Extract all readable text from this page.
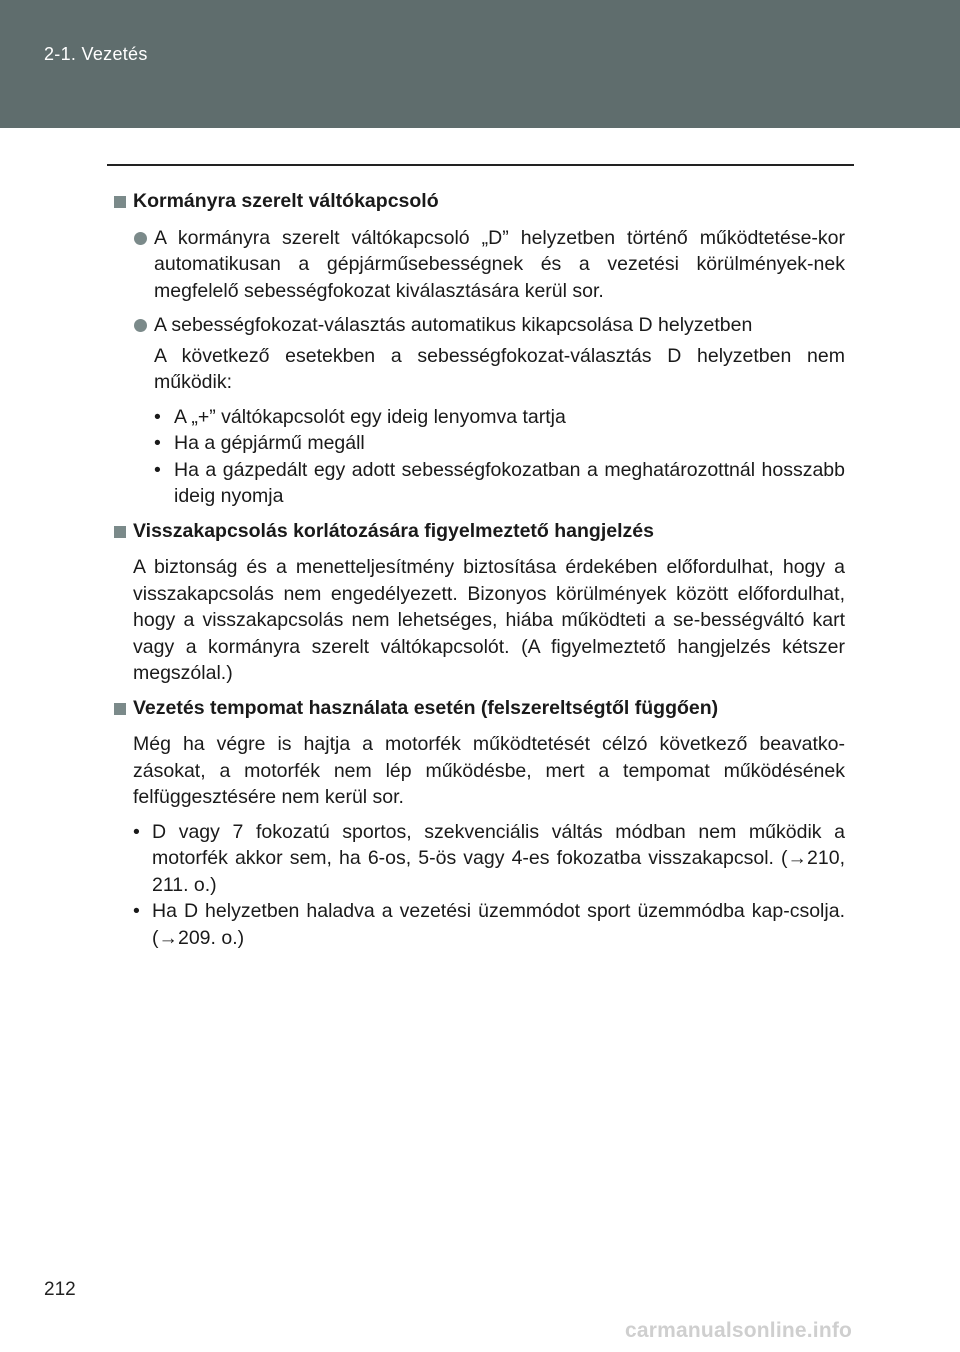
2-1. Vezetés
Kormányra szerelt váltókapcsoló
A kormányra szerelt váltókapcsoló „D” helyzetben történő működtetése-kor automatikusan a gépjárműsebességnek és a vezetési körülmények-nek megfelelő sebességfokozat kiválasztására kerül sor.
A sebességfokozat-választás automatikus kikapcsolása D helyzetben
A következő esetekben a sebességfokozat-választás D helyzetben nem működik:
• A „+” váltókapcsolót egy ideig lenyomva tartja
• Ha a gépjármű megáll
• Ha a gázpedált egy adott sebességfokozatban a meghatározottnál hosszabb ideig nyomja
Visszakapcsolás korlátozására figyelmeztető hangjelzés
A biztonság és a menetteljesítmény biztosítása érdekében előfordulhat, hogy a visszakapcsolás nem engedélyezett. Bizonyos körülmények között előfordulhat, hogy a visszakapcsolás nem lehetséges, hiába működteti a se-bességváltó kart vagy a kormányra szerelt váltókapcsolót. (A figyelmeztető hangjelzés kétszer megszólal.)
Vezetés tempomat használata esetén (felszereltségtől függően)
Még ha végre is hajtja a motorfék működtetését célzó következő beavatko-zásokat, a motorfék nem lép működésbe, mert a tempomat működésének felfüggesztésére nem kerül sor.
• D vagy 7 fokozatú sportos, szekvenciális váltás módban nem működik a motorfék akkor sem, ha 6-os, 5-ös vagy 4-es fokozatba visszakapcsol. (→210, 211. o.)
• Ha D helyzetben haladva a vezetési üzemmódot sport üzemmódba kap-csolja. (→209. o.)
212
carmanualsonline.info
